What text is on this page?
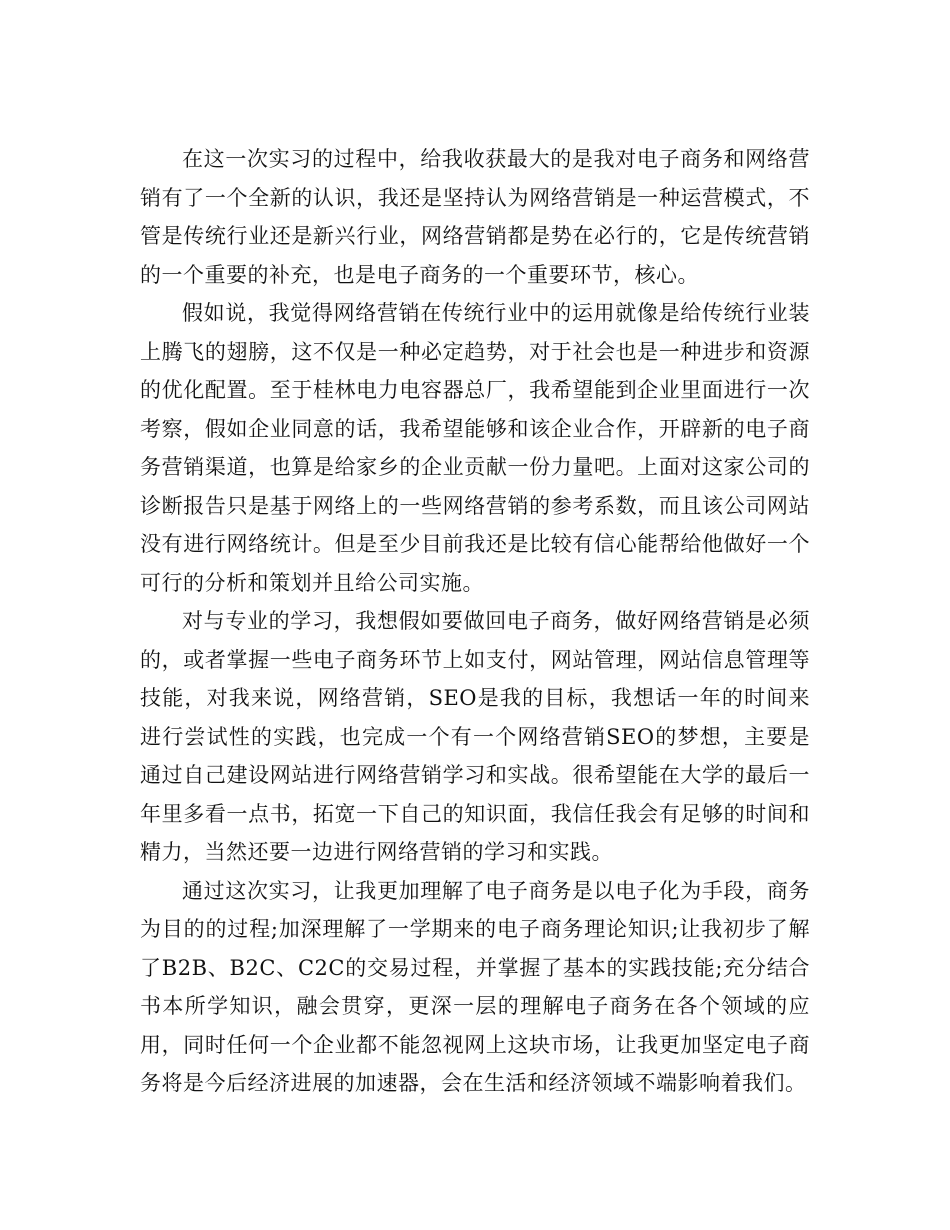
在这一次实习的过程中，给我收获最大的是我对电子商务和网络营销有了一个全新的认识，我还是坚持认为网络营销是一种运营模式，不管是传统行业还是新兴行业，网络营销都是势在必行的，它是传统营销的一个重要的补充，也是电子商务的一个重要环节，核心。

假如说，我觉得网络营销在传统行业中的运用就像是给传统行业装上腾飞的翅膀，这不仅是一种必定趋势，对于社会也是一种进步和资源的优化配置。至于桂林电力电容器总厂，我希望能到企业里面进行一次考察，假如企业同意的话，我希望能够和该企业合作，开辟新的电子商务营销渠道，也算是给家乡的企业贡献一份力量吧。上面对这家公司的诊断报告只是基于网络上的一些网络营销的参考系数，而且该公司网站没有进行网络统计。但是至少目前我还是比较有信心能帮给他做好一个可行的分析和策划并且给公司实施。

对与专业的学习，我想假如要做回电子商务，做好网络营销是必须的，或者掌握一些电子商务环节上如支付，网站管理，网站信息管理等技能，对我来说，网络营销，SEO是我的目标，我想话一年的时间来进行尝试性的实践，也完成一个有一个网络营销SEO的梦想，主要是通过自己建设网站进行网络营销学习和实战。很希望能在大学的最后一年里多看一点书，拓宽一下自己的知识面，我信任我会有足够的时间和精力，当然还要一边进行网络营销的学习和实践。

通过这次实习，让我更加理解了电子商务是以电子化为手段，商务为目的的过程;加深理解了一学期来的电子商务理论知识;让我初步了解了B2B、B2C、C2C的交易过程，并掌握了基本的实践技能;充分结合书本所学知识，融会贯穿，更深一层的理解电子商务在各个领域的应用，同时任何一个企业都不能忽视网上这块市场，让我更加坚定电子商务将是今后经济进展的加速器，会在生活和经济领域不端影响着我们。
